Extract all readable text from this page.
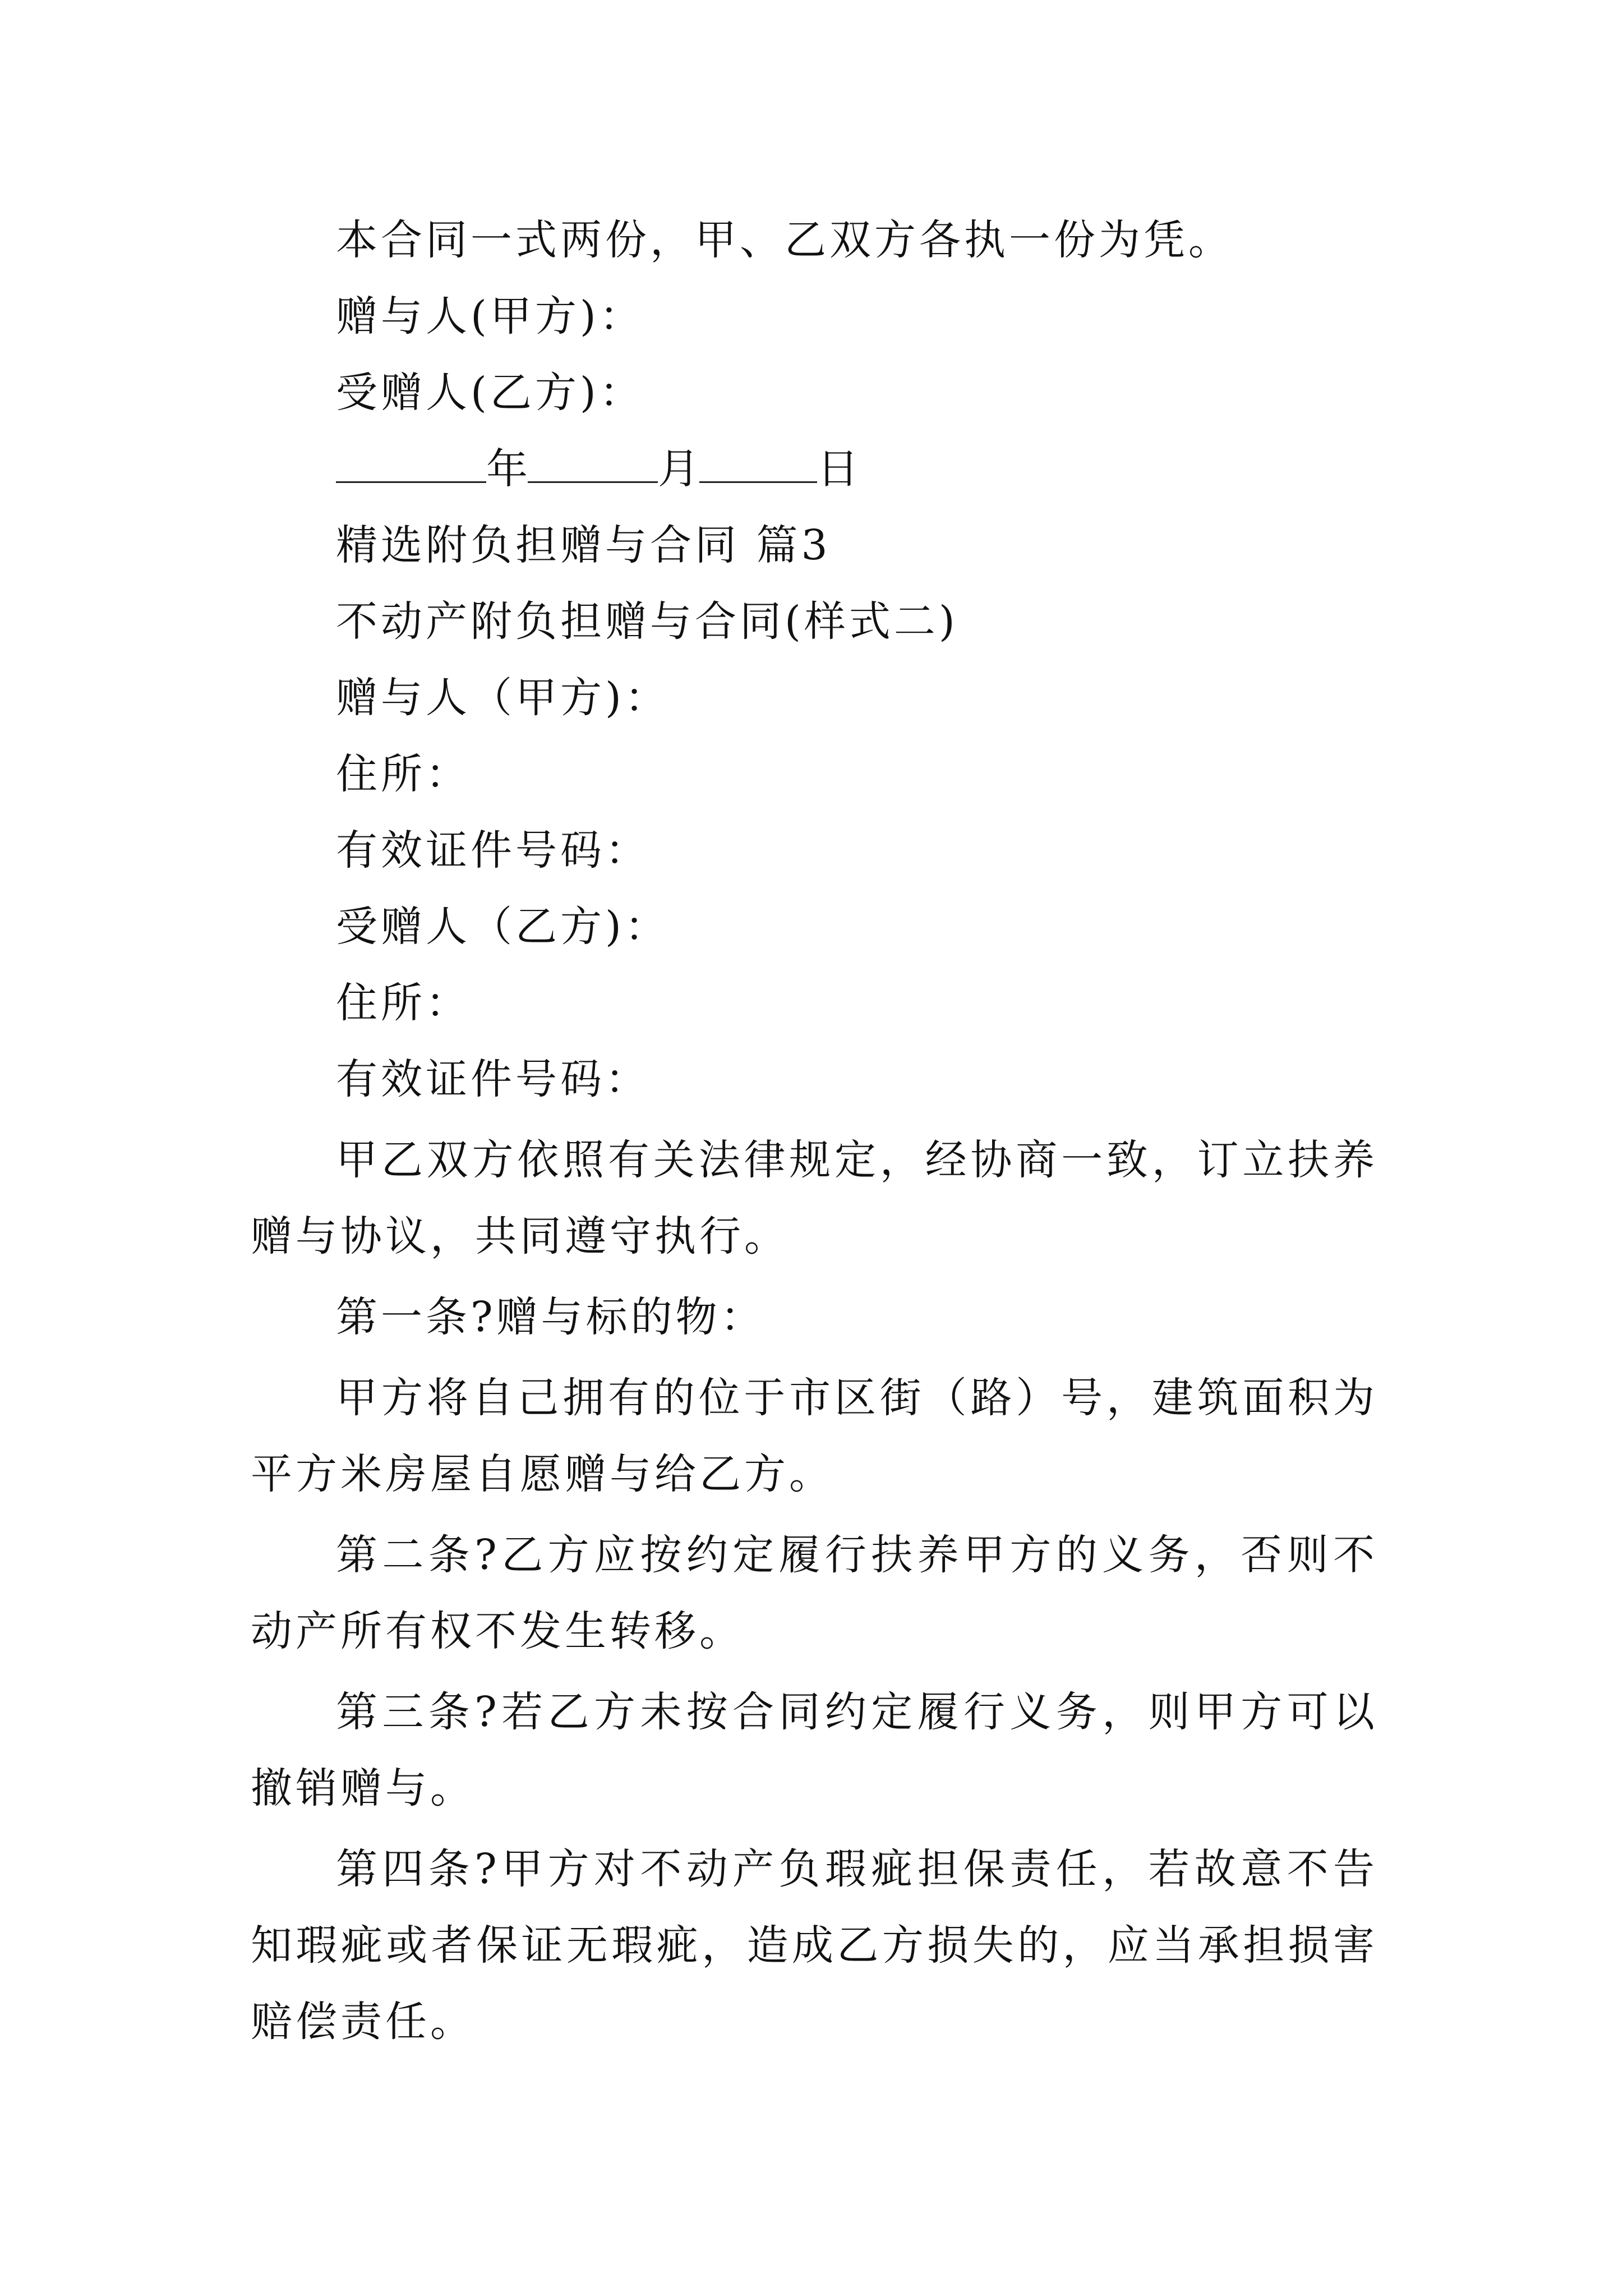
本合同一式两份，甲、乙双方各执一份为凭。
赠与人(甲方)：
受赠人(乙方)：
年	月	日
精选附负担赠与合同 篇3
不动产附负担赠与合同(样式二)
赠与人（甲方)：
住所：
有效证件号码：
受赠人（乙方)：
住所：
有效证件号码：
甲乙双方依照有关法律规定，经协商一致，订立扶养赠与协议，共同遵守执行。
第一条?赠与标的物：
甲方将自己拥有的位于市区街（路）号，建筑面积为平方米房屋自愿赠与给乙方。
第二条?乙方应按约定履行扶养甲方的义务，否则不动产所有权不发生转移。
第三条?若乙方未按合同约定履行义务，则甲方可以撤销赠与。
第四条?甲方对不动产负瑕疵担保责任，若故意不告知瑕疵或者保证无瑕疵，造成乙方损失的，应当承担损害赔偿责任。
